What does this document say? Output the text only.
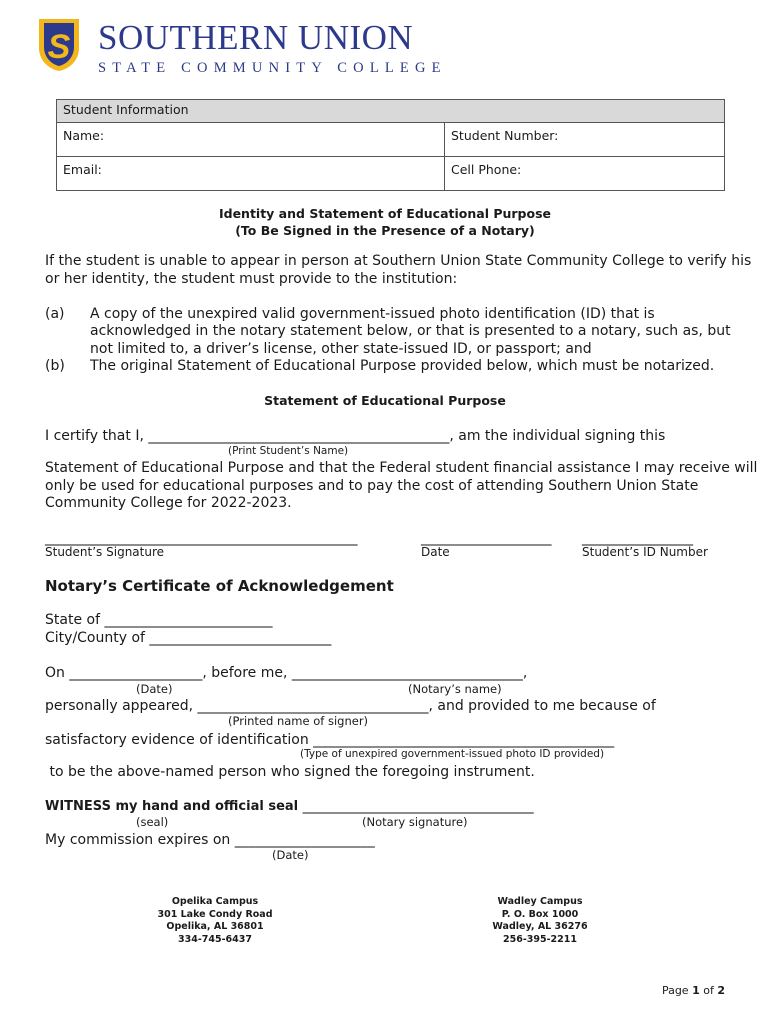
S SOUTHERN UNION
STATE COMMUNITY COLLEGE
Student Information	
Name:	Student Number:
Email:	Cell Phone:
Identity and Statement of Educational Purpose
(To Be Signed in the Presence of a Notary)
If the student is unable to appear in person at Southern Union State Community College to verify his
or her identity, the student must provide to the institution:
(a) A copy of the unexpired valid government-issued photo identification (ID) that is
acknowledged in the notary statement below, or that is presented to a notary, such as, but
not limited to, a driver’s license, other state-issued ID, or passport; and
(b) The original Statement of Educational Purpose provided below, which must be notarized.
Statement of Educational Purpose
I certify that I, ___________________________________________, am the individual signing this
(Print Student’s Name)
Statement of Educational Purpose and that the Federal student financial assistance I may receive will
only be used for educational purposes and to pay the cost of attending Southern Union State
Community College for 2022-2023.
________________________________________________	____________________ _________________
Student’s Signature	Date	Student’s ID Number
Notary’s Certificate of Acknowledgement
State of ________________________
City/County of __________________________
On ___________________, before me, _________________________________,
(Date)	(Notary’s name)
personally appeared, _________________________________, and provided to me because of
(Printed name of signer)
satisfactory evidence of identification ___________________________________________
(Type of unexpired government-issued photo ID provided)
to be the above-named person who signed the foregoing instrument.
WITNESS my hand and official seal _________________________________
(seal)	(Notary signature)
My commission expires on ____________________
(Date)
Opelika Campus
301 Lake Condy Road
Opelika, AL 36801
334-745-6437
Wadley Campus
P. O. Box 1000
Wadley, AL 36276
256-395-2211
Page 1 of 2
